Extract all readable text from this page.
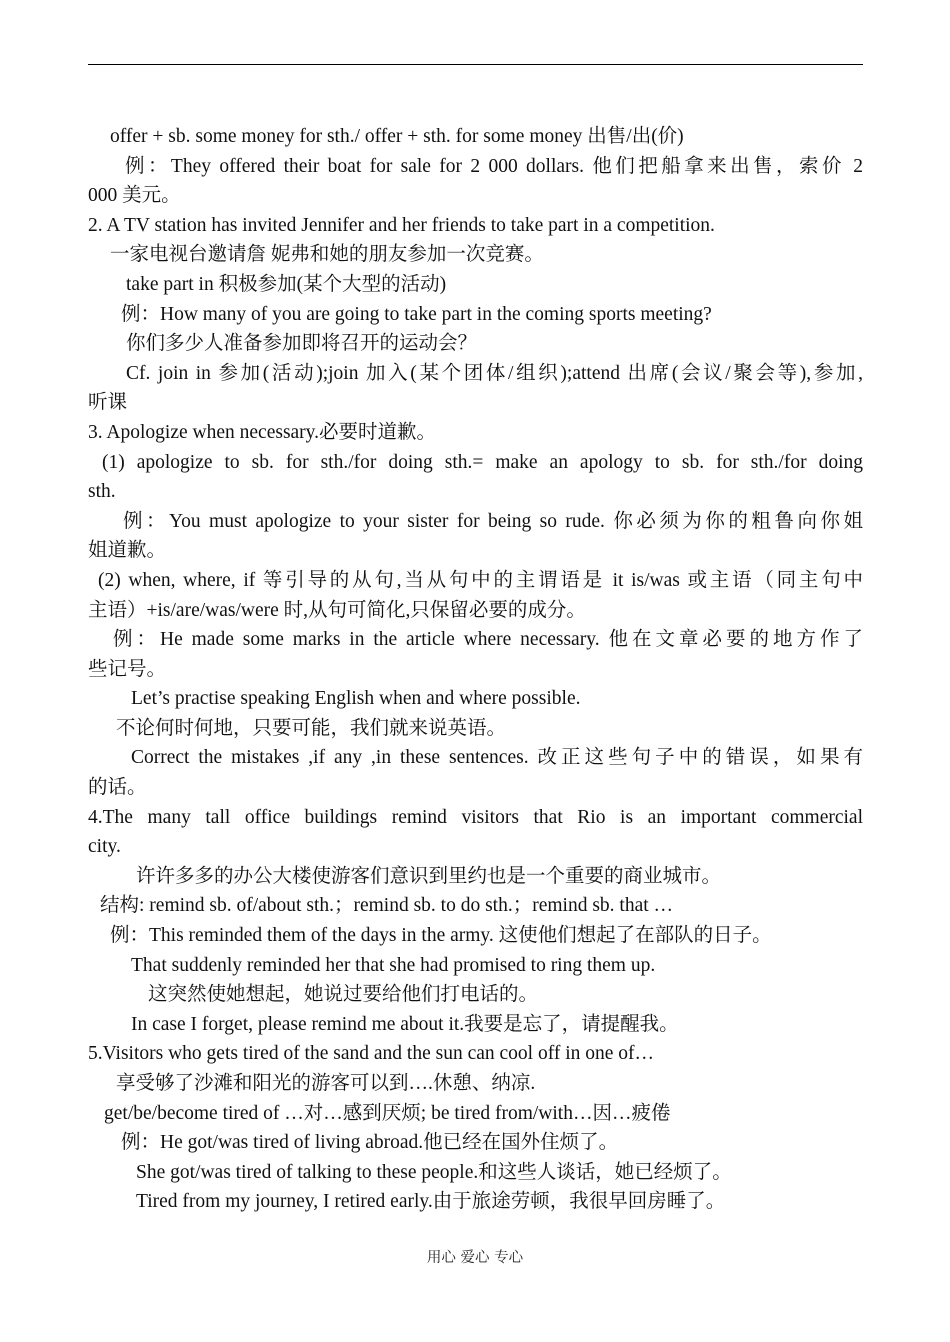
offer + sb. some money for sth./ offer + sth. for some money 出售/出(价)
例：They offered their boat for sale for 2 000 dollars. 他们把船拿来出售，索价 2
000 美元。
2. A TV station has invited Jennifer and her friends to take part in a competition.
一家电视台邀请詹 妮弗和她的朋友参加一次竞赛。
take part in 积极参加(某个大型的活动)
例：How many of you are going to take part in the coming sports meeting?
你们多少人准备参加即将召开的运动会？
Cf. join in 参加(活动);join 加入(某个团体/组织);attend 出席(会议/聚会等),参加,
听课
3. Apologize when necessary.必要时道歉。
(1) apologize to sb. for sth./for doing sth.= make an apology to sb. for sth./for doing
sth.
例：You must apologize to your sister for being so rude. 你必须为你的粗鲁向你姐
姐道歉。
(2) when, where, if 等引导的从句,当从句中的主谓语是 it is/was 或主语（同主句中
主语）+is/are/was/were 时,从句可简化,只保留必要的成分。
例：He made some marks in the article where necessary. 他在文章必要的地方作了
些记号。
Let’s practise speaking English when and where possible.
不论何时何地，只要可能，我们就来说英语。
Correct the mistakes ,if any ,in these sentences. 改正这些句子中的错误，如果有
的话。
4.The many tall office buildings remind visitors that Rio is an important commercial
city.
许许多多的办公大楼使游客们意识到里约也是一个重要的商业城市。
结构: remind sb. of/about sth.；remind sb. to do sth.；remind sb. that …
例：This reminded them of the days in the army. 这使他们想起了在部队的日子。
That suddenly reminded her that she had promised to ring them up.
这突然使她想起，她说过要给他们打电话的。
In case I forget, please remind me about it.我要是忘了，请提醒我。
5.Visitors who gets tired of the sand and the sun can cool off in one of…
享受够了沙滩和阳光的游客可以到….休憩、纳凉.
get/be/become tired of …对…感到厌烦; be tired from/with…因…疲倦
例：He got/was tired of living abroad.他已经在国外住烦了。
She got/was tired of talking to these people.和这些人谈话，她已经烦了。
Tired from my journey, I retired early.由于旅途劳顿，我很早回房睡了。
用心 爱心 专心
